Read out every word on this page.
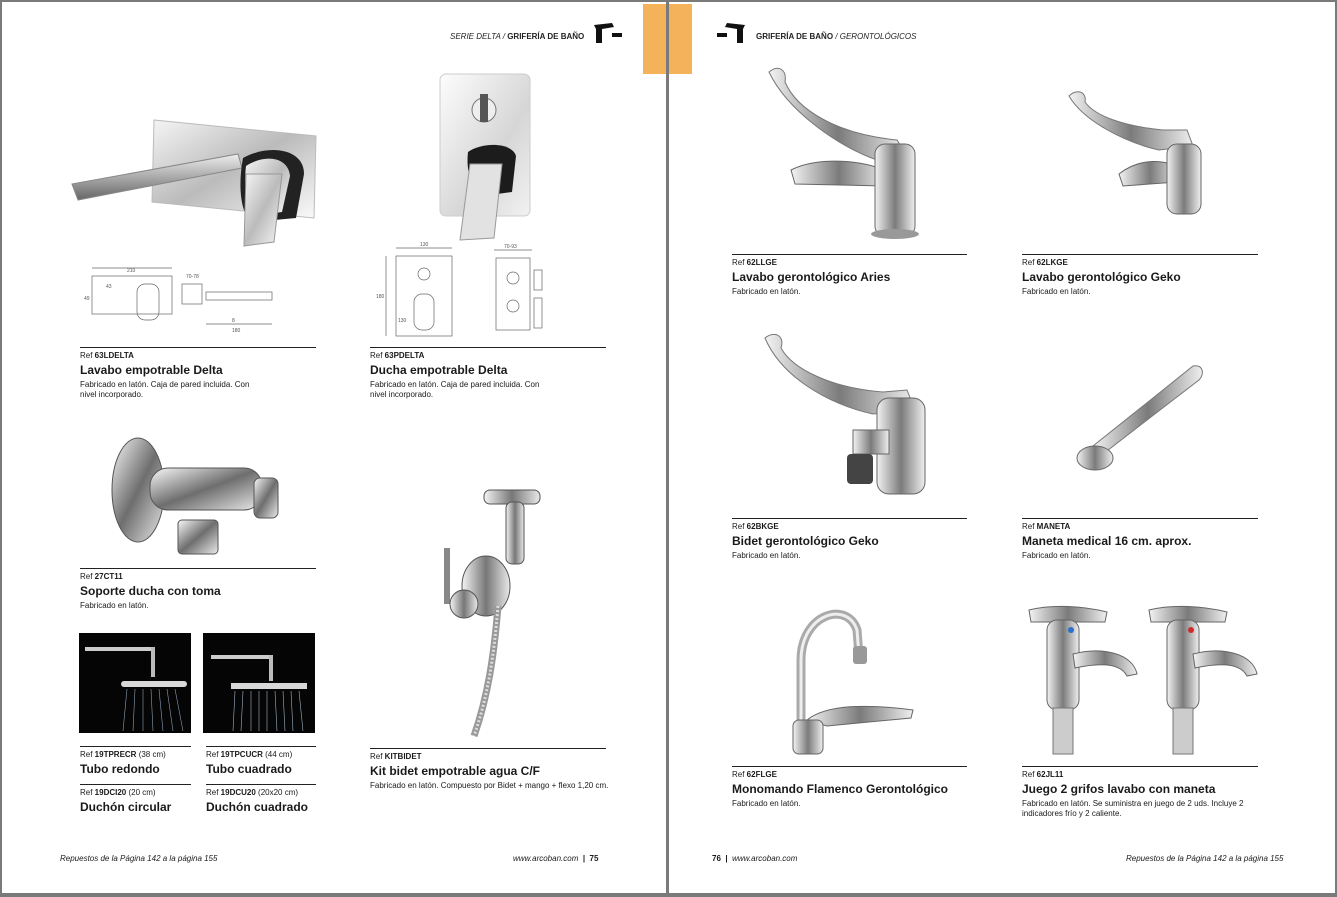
SERIE DELTA / GRIFERÍA DE BAÑO
210
70-78
43
180
49
8
Ref 63LDELTA
Lavabo empotrable Delta
Fabricado en latón. Caja de pared incluida. Con nivel incorporado.
130	70-93
180
130
Ref 63PDELTA
Ducha empotrable Delta
Fabricado en latón. Caja de pared incluida. Con nivel incorporado.
Ref 27CT11
Soporte ducha con toma
Fabricado en latón.
Ref KITBIDET
Kit bidet empotrable agua C/F
Fabricado en latón. Compuesto por Bidet + mango + flexo 1,20 cm.
Ref 19TPRECR (38 cm)
Tubo redondo
Ref 19TPCUCR (44 cm)
Tubo cuadrado
Ref 19DCI20 (20 cm)
Duchón circular
Ref 19DCU20 (20x20 cm)
Duchón cuadrado
Repuestos de la Página 142 a la página 155	www.arcoban.com | 75
GRIFERÍA DE BAÑO / GERONTOLÓGICOS
Ref 62LLGE
Lavabo gerontológico Aries
Fabricado en latón.
Ref 62LKGE
Lavabo gerontológico Geko
Fabricado en latón.
Ref 62BKGE
Bidet gerontológico Geko
Fabricado en latón.
Ref MANETA
Maneta medical 16 cm. aprox.
Fabricado en latón.
Ref 62FLGE
Monomando Flamenco Gerontológico
Fabricado en latón.
Ref 62JL11
Juego 2 grifos lavabo con maneta
Fabricado en latón. Se suministra en juego de 2 uds. Incluye 2 indicadores frío y 2 caliente.
76 | www.arcoban.com	Repuestos de la Página 142 a la página 155
